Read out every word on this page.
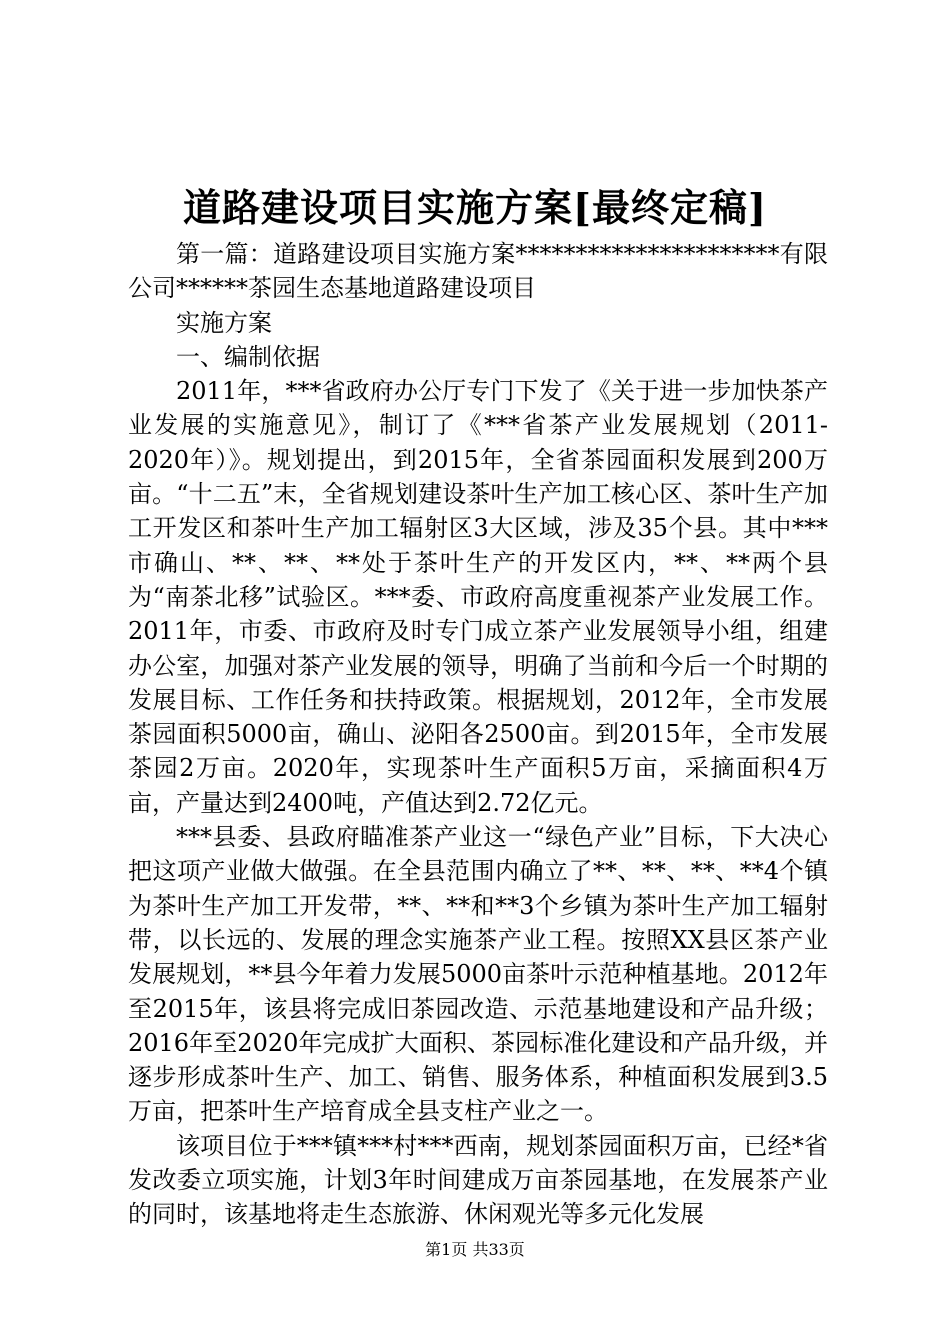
道路建设项目实施方案[最终定稿]

第一篇：道路建设项目实施方案**********************有限公司******茶园生态基地道路建设项目

实施方案

一、编制依据

2011年，***省政府办公厅专门下发了《关于进一步加快茶产业发展的实施意见》，制订了《***省茶产业发展规划（2011-2020年）》。规划提出，到2015年，全省茶园面积发展到200万亩。“十二五”末，全省规划建设茶叶生产加工核心区、茶叶生产加工开发区和茶叶生产加工辐射区3大区域，涉及35个县。其中***市确山、**、**、**处于茶叶生产的开发区内，**、**两个县为“南茶北移”试验区。***委、市政府高度重视茶产业发展工作。2011年，市委、市政府及时专门成立茶产业发展领导小组，组建办公室，加强对茶产业发展的领导，明确了当前和今后一个时期的发展目标、工作任务和扶持政策。根据规划，2012年，全市发展茶园面积5000亩，确山、泌阳各2500亩。到2015年，全市发展茶园2万亩。2020年，实现茶叶生产面积5万亩，采摘面积4万亩，产量达到2400吨，产值达到2.72亿元。

***县委、县政府瞄准茶产业这一“绿色产业”目标，下大决心把这项产业做大做强。在全县范围内确立了**、**、**、**4个镇为茶叶生产加工开发带，**、**和**3个乡镇为茶叶生产加工辐射带，以长远的、发展的理念实施茶产业工程。按照XX县区茶产业发展规划，**县今年着力发展5000亩茶叶示范种植基地。2012年至2015年，该县将完成旧茶园改造、示范基地建设和产品升级；2016年至2020年完成扩大面积、茶园标准化建设和产品升级，并逐步形成茶叶生产、加工、销售、服务体系，种植面积发展到3.5万亩，把茶叶生产培育成全县支柱产业之一。

该项目位于***镇***村***西南，规划茶园面积万亩，已经*省发改委立项实施，计划3年时间建成万亩茶园基地，在发展茶产业的同时，该基地将走生态旅游、休闲观光等多元化发展

第1页 共33页
